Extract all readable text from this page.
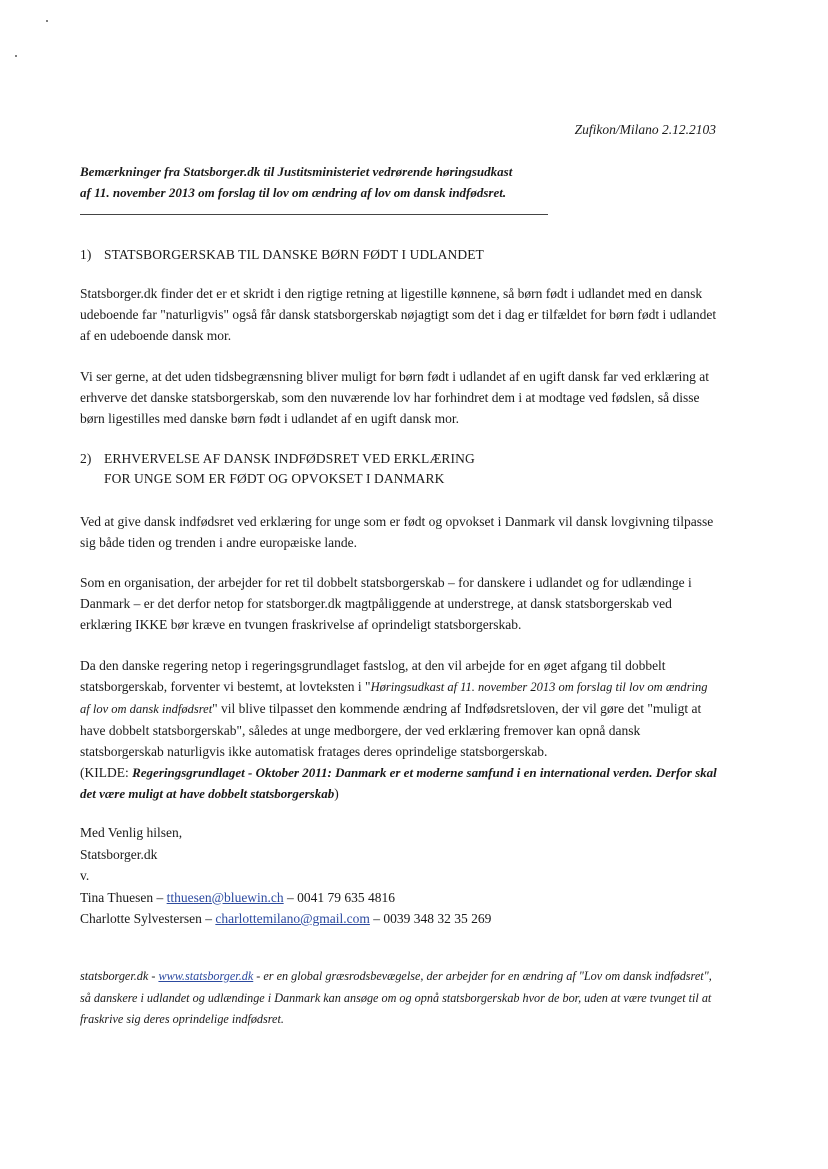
Zufikon/Milano 2.12.2103
Bemærkninger fra Statsborger.dk til Justitsministeriet vedrørende høringsudkast
af 11. november 2013 om forslag til lov om ændring af lov om dansk indfødsret.
1) STATSBORGERSKAB TIL DANSKE BØRN FØDT I UDLANDET
Statsborger.dk finder det er et skridt i den rigtige retning at ligestille kønnene, så børn født i udlandet med en dansk udeboende far "naturligvis" også får dansk statsborgerskab nøjagtigt som det i dag er tilfældet for børn født i udlandet af en udeboende dansk mor.
Vi ser gerne, at det uden tidsbegrænsning bliver muligt for børn født i udlandet af en ugift dansk far ved erklæring at erhverve det danske statsborgerskab, som den nuværende lov har forhindret dem i at modtage ved fødslen, så disse børn ligestilles med danske børn født i udlandet af en ugift dansk mor.
2) ERHVERVELSE AF DANSK INDFØDSRET VED ERKLÆRING
FOR UNGE SOM ER FØDT OG OPVOKSET I DANMARK
Ved at give dansk indfødsret ved erklæring for unge som er født og opvokset i Danmark vil dansk lovgivning tilpasse sig både tiden og trenden i andre europæiske lande.
Som en organisation, der arbejder for ret til dobbelt statsborgerskab – for danskere i udlandet og for udlændinge i Danmark – er det derfor netop for statsborger.dk magtpåliggende at understrege, at dansk statsborgerskab ved erklæring IKKE bør kræve en tvungen fraskrivelse af oprindeligt statsborgerskab.
Da den danske regering netop i regeringsgrundlaget fastslog, at den vil arbejde for en øget afgang til dobbelt statsborgerskab, forventer vi bestemt, at lovteksten i "Høringsudkast af 11. november 2013 om forslag til lov om ændring af lov om dansk indfødsret" vil blive tilpasset den kommende ændring af Indfødsretsloven, der vil gøre det "muligt at have dobbelt statsborgerskab", således at unge medborgere, der ved erklæring fremover kan opnå dansk statsborgerskab naturligvis ikke automatisk fratages deres oprindelige statsborgerskab.
(KILDE: Regeringsgrundlaget - Oktober 2011: Danmark er et moderne samfund i en international verden. Derfor skal det være muligt at have dobbelt statsborgerskab)
Med Venlig hilsen,
Statsborger.dk
v.
Tina Thuesen – tthuesen@bluewin.ch – 0041 79 635 4816
Charlotte Sylvestersen – charlottemilano@gmail.com – 0039 348 32 35 269
statsborger.dk - www.statsborger.dk - er en global græsrodsbevægelse, der arbejder for en ændring af "Lov om dansk indfødsret", så danskere i udlandet og udlændinge i Danmark kan ansøge om og opnå statsborgerskab hvor de bor, uden at være tvunget til at fraskrive sig deres oprindelige indfødsret.
